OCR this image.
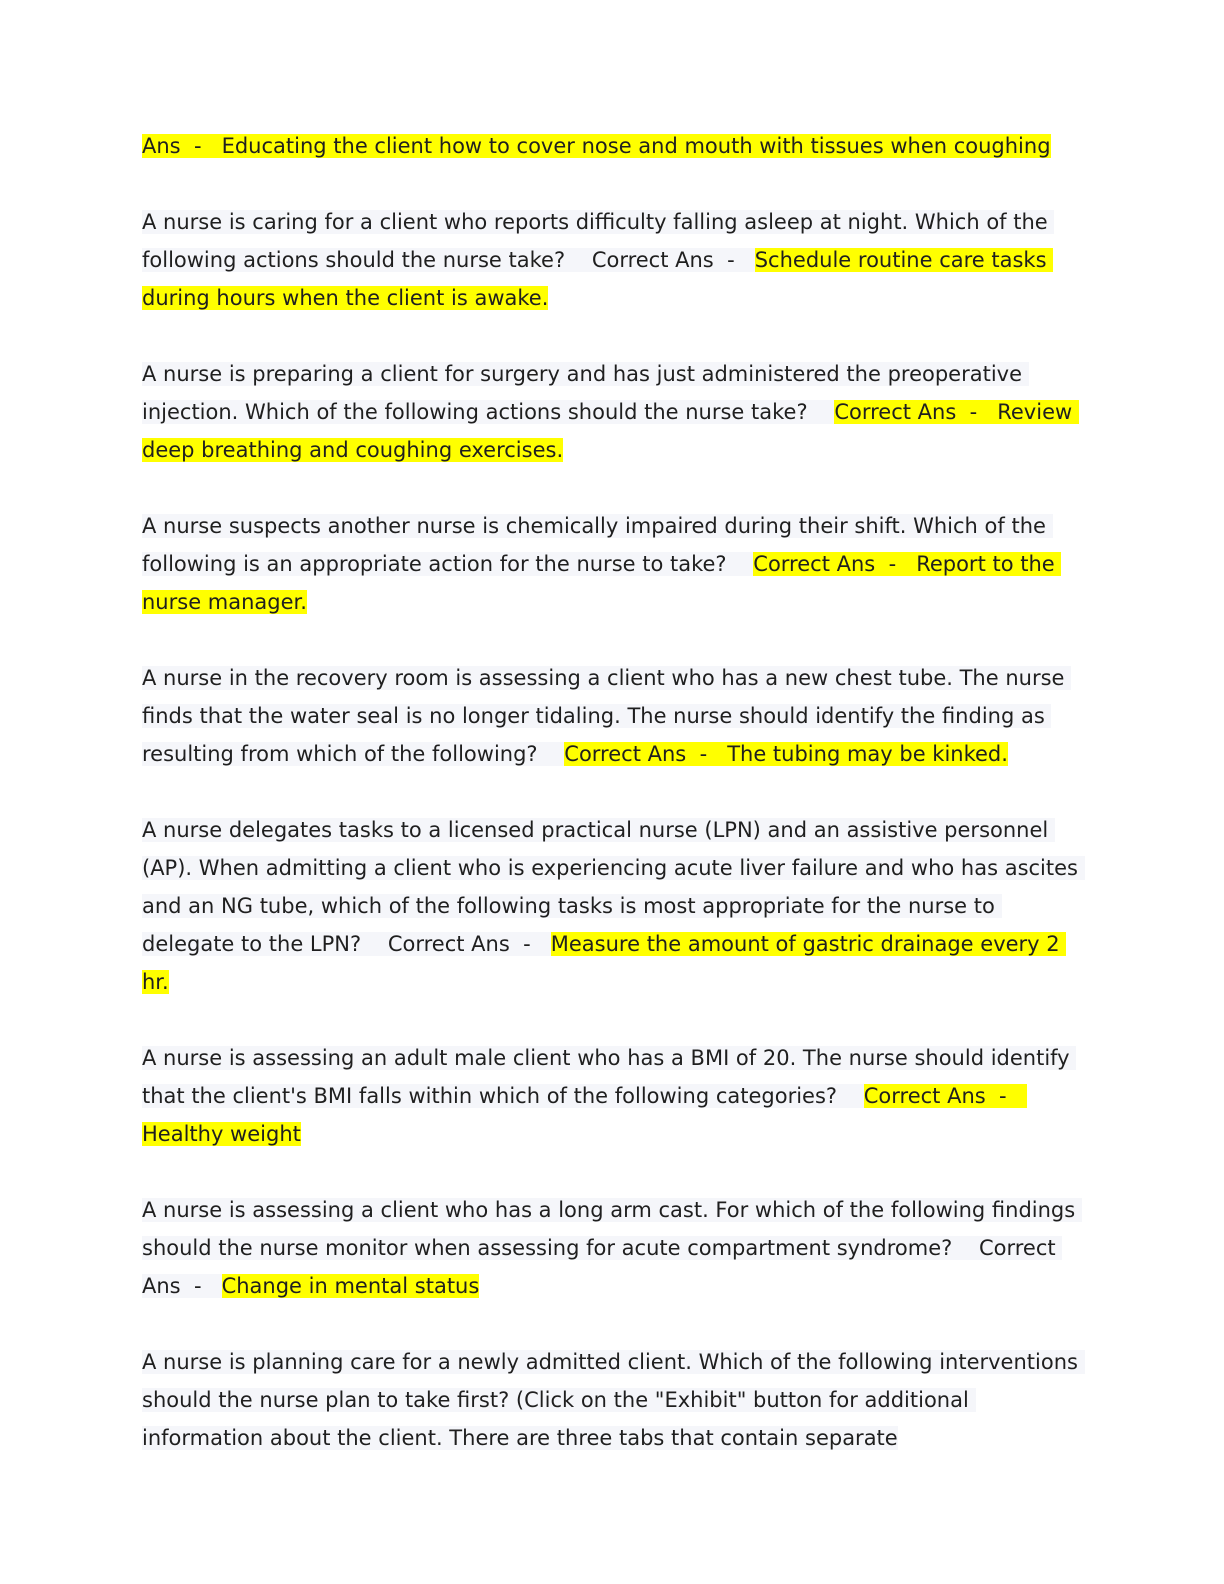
Ans  - Educating the client how to cover nose and mouth with tissues when coughing

A nurse is caring for a client who reports difficulty falling asleep at night. Which of the following actions should the nurse take? Correct Ans  - Schedule routine care tasks during hours when the client is awake.

A nurse is preparing a client for surgery and has just administered the preoperative injection. Which of the following actions should the nurse take? Correct Ans  - Review deep breathing and coughing exercises.

A nurse suspects another nurse is chemically impaired during their shift. Which of the following is an appropriate action for the nurse to take? Correct Ans  - Report to the nurse manager.

A nurse in the recovery room is assessing a client who has a new chest tube. The nurse finds that the water seal is no longer tidaling. The nurse should identify the finding as resulting from which of the following? Correct Ans  - The tubing may be kinked.

A nurse delegates tasks to a licensed practical nurse (LPN) and an assistive personnel (AP). When admitting a client who is experiencing acute liver failure and who has ascites and an NG tube, which of the following tasks is most appropriate for the nurse to delegate to the LPN? Correct Ans  - Measure the amount of gastric drainage every 2 hr.

A nurse is assessing an adult male client who has a BMI of 20. The nurse should identify that the client's BMI falls within which of the following categories? Correct Ans  -   Healthy weight

A nurse is assessing a client who has a long arm cast. For which of the following findings should the nurse monitor when assessing for acute compartment syndrome? Correct Ans  - Change in mental status

A nurse is planning care for a newly admitted client. Which of the following interventions should the nurse plan to take first? (Click on the "Exhibit" button for additional information about the client. There are three tabs that contain separate
